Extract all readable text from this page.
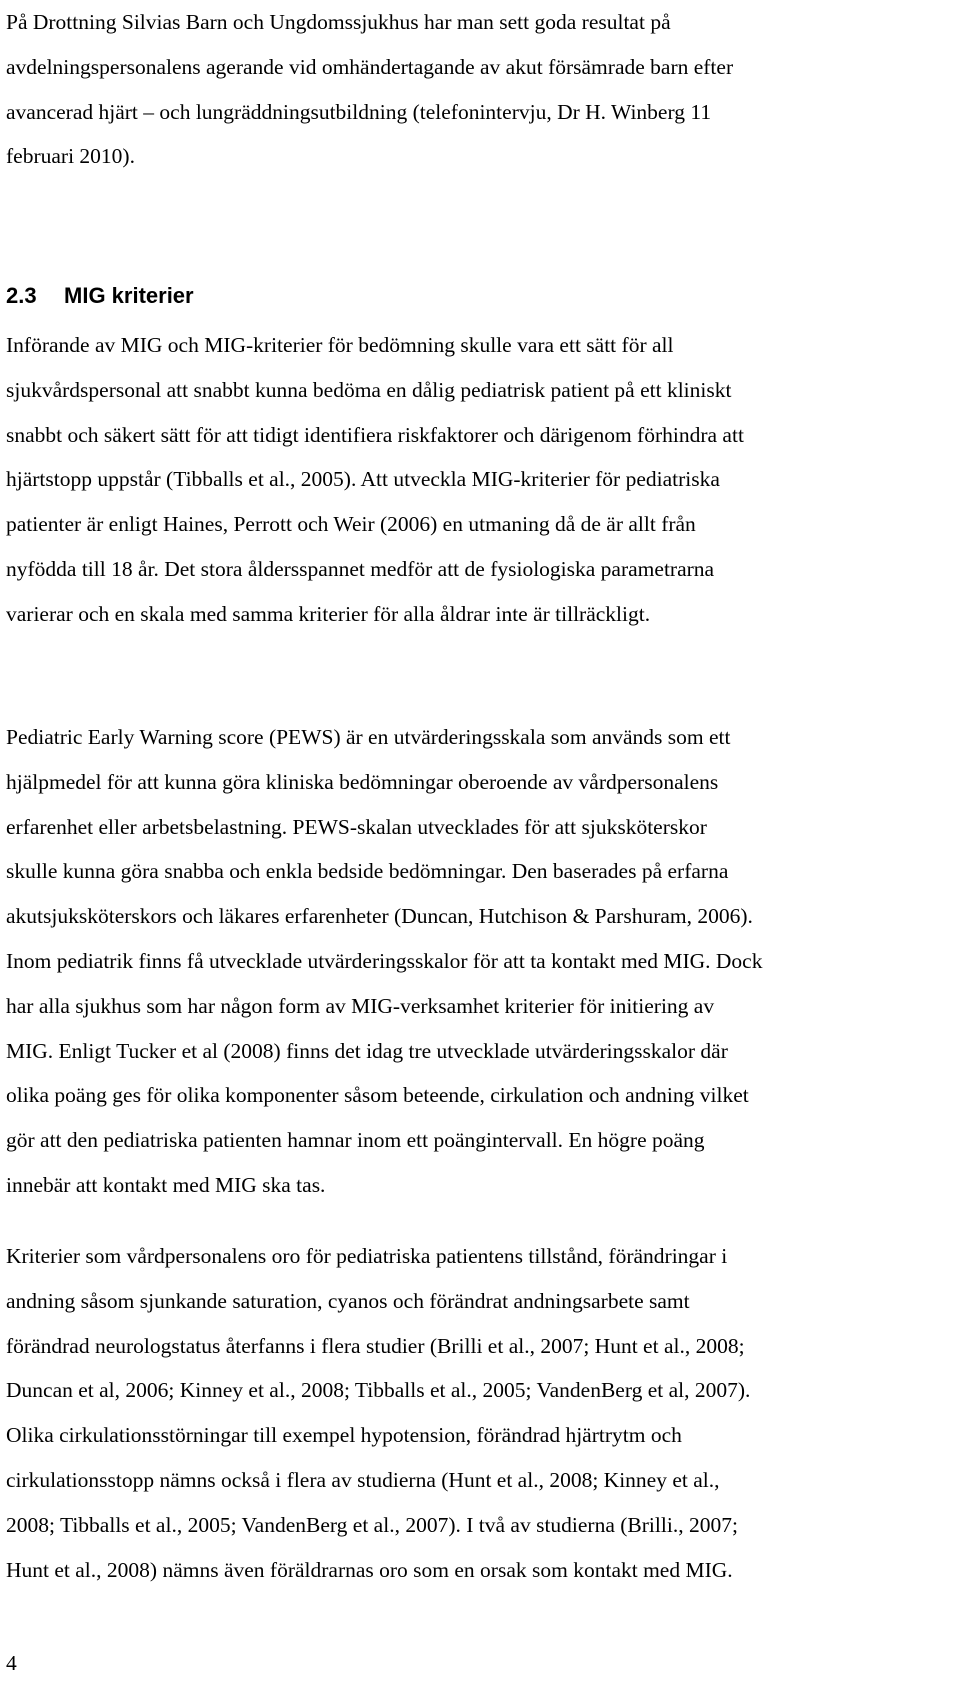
På Drottning Silvias Barn och Ungdomssjukhus har man sett goda resultat på
avdelningspersonalens agerande vid omhändertagande av akut försämrade barn efter
avancerad hjärt – och lungräddningsutbildning (telefonintervju, Dr H. Winberg 11
februari 2010).
2.3 MIG kriterier
Införande av MIG och MIG-kriterier för bedömning skulle vara ett sätt för all
sjukvårdspersonal att snabbt kunna bedöma en dålig pediatrisk patient på ett kliniskt
snabbt och säkert sätt för att tidigt identifiera riskfaktorer och därigenom förhindra att
hjärtstopp uppstår (Tibballs et al., 2005). Att utveckla MIG-kriterier för pediatriska
patienter är enligt Haines, Perrott och Weir (2006) en utmaning då de är allt från
nyfödda till 18 år. Det stora åldersspannet medför att de fysiologiska parametrarna
varierar och en skala med samma kriterier för alla åldrar inte är tillräckligt.
Pediatric Early Warning score (PEWS) är en utvärderingsskala som används som ett
hjälpmedel för att kunna göra kliniska bedömningar oberoende av vårdpersonalens
erfarenhet eller arbetsbelastning. PEWS-skalan utvecklades för att sjuksköterskor
skulle kunna göra snabba och enkla bedside bedömningar. Den baserades på erfarna
akutsjuksköterskors och läkares erfarenheter (Duncan, Hutchison & Parshuram, 2006).
Inom pediatrik finns få utvecklade utvärderingsskalor för att ta kontakt med MIG. Dock
har alla sjukhus som har någon form av MIG-verksamhet kriterier för initiering av
MIG. Enligt Tucker et al (2008) finns det idag tre utvecklade utvärderingsskalor där
olika poäng ges för olika komponenter såsom beteende, cirkulation och andning vilket
gör att den pediatriska patienten hamnar inom ett poängintervall. En högre poäng
innebär att kontakt med MIG ska tas.
Kriterier som vårdpersonalens oro för pediatriska patientens tillstånd, förändringar i
andning såsom sjunkande saturation, cyanos och förändrat andningsarbete samt
förändrad neurologstatus återfanns i flera studier (Brilli et al., 2007; Hunt et al., 2008;
Duncan et al, 2006; Kinney et al., 2008; Tibballs et al., 2005; VandenBerg et al, 2007).
Olika cirkulationsstörningar till exempel hypotension, förändrad hjärtrytm och
cirkulationsstopp nämns också i flera av studierna (Hunt et al., 2008; Kinney et al.,
2008; Tibballs et al., 2005; VandenBerg et al., 2007). I två av studierna (Brilli., 2007;
Hunt et al., 2008) nämns även föräldrarnas oro som en orsak som kontakt med MIG.
4
